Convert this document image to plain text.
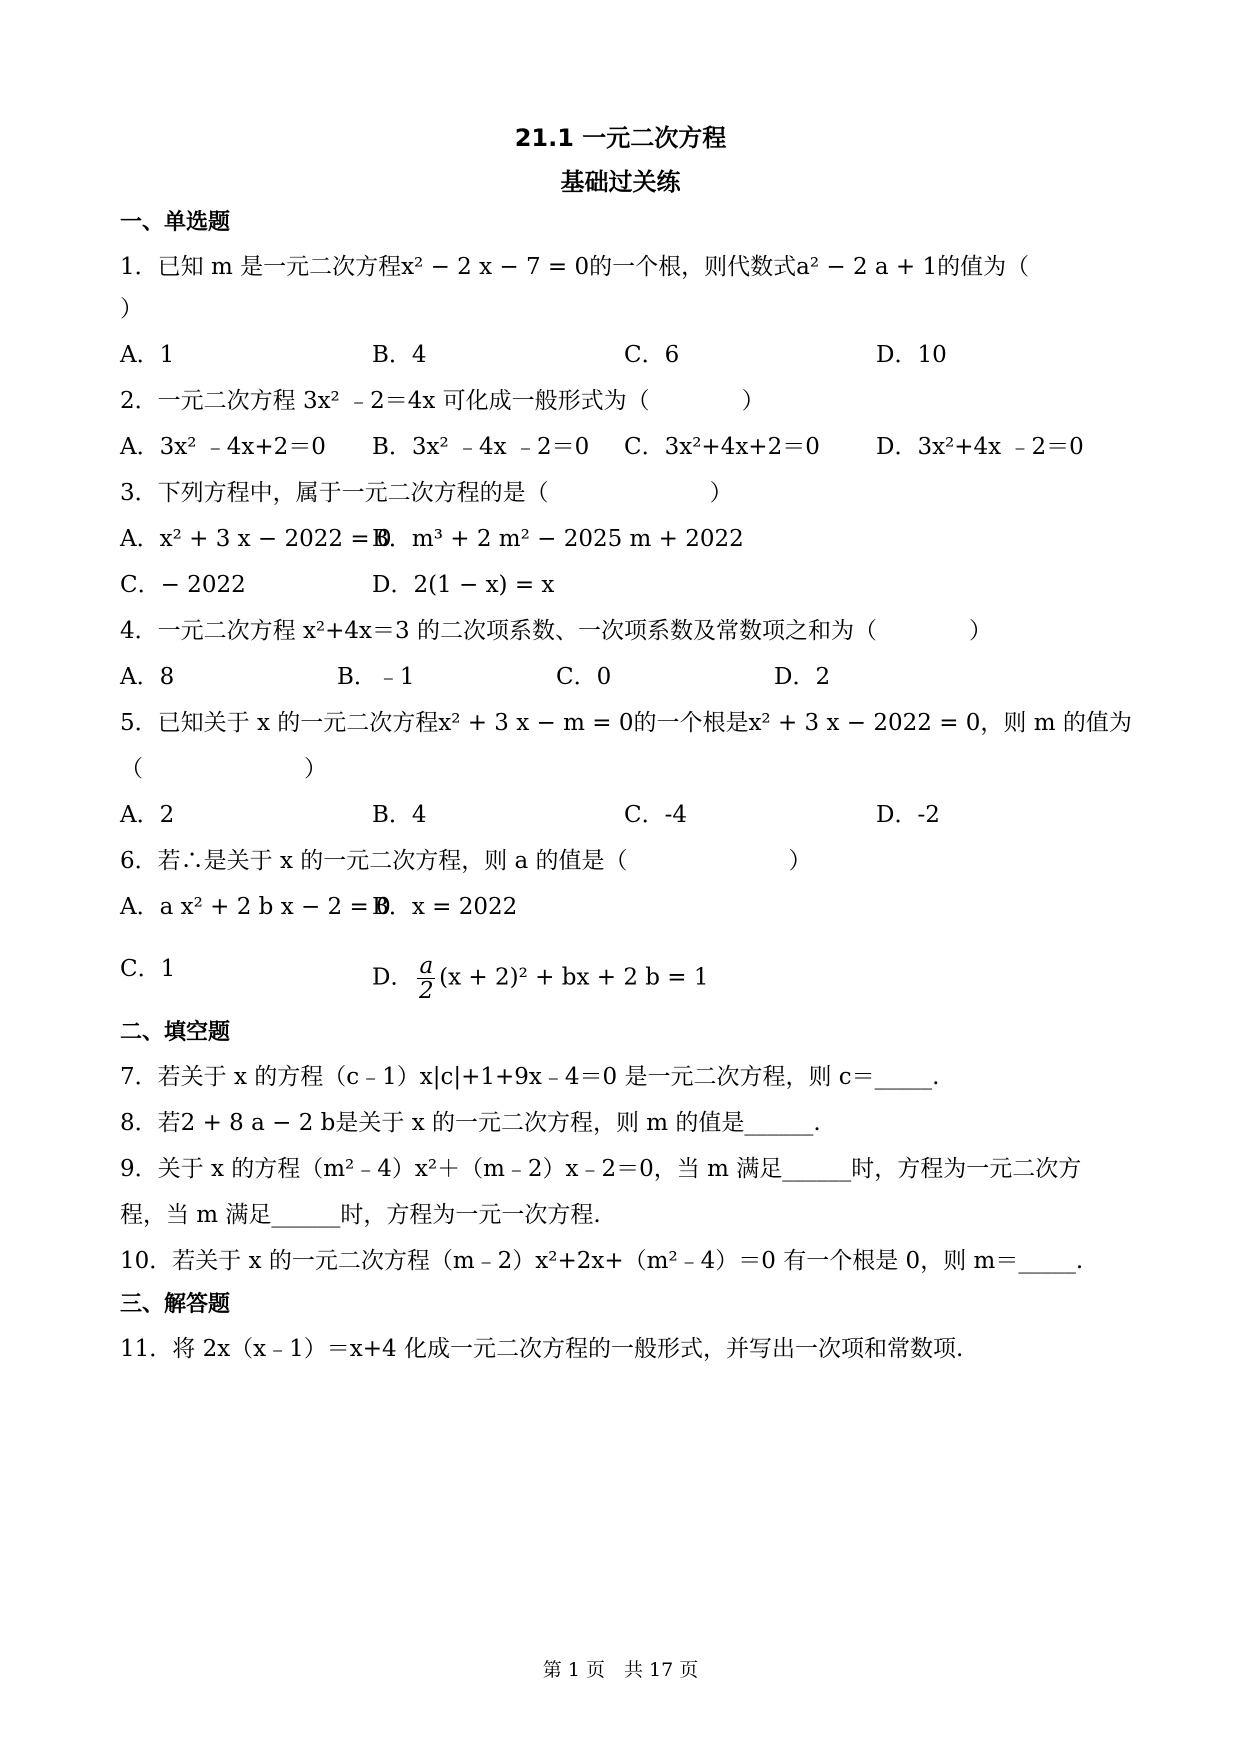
21.1 一元二次方程
基础过关练
一、单选题
1．已知 m 是一元二次方程x² − 2 x − 7 = 0的一个根，则代数式a² − 2 a + 1的值为（
）
A．1	B．4	C．6	D．10
2．一元二次方程 3x² ﹣2＝4x 可化成一般形式为（　　　　）
A．3x² ﹣4x+2＝0 B．3x² ﹣4x ﹣2＝0 C．3x²+4x+2＝0 D．3x²+4x ﹣2＝0
3．下列方程中，属于一元二次方程的是（　　　　　　　）
A．x² + 3 x − 2022 = 0
B．m³ + 2 m² − 2025 m + 2022
C．− 2022	D．2(1 − x) = x
4．一元二次方程 x²+4x＝3 的二次项系数、一次项系数及常数项之和为（　　　　）
A．8	B．﹣1	C．0	D．2
5．已知关于 x 的一元二次方程x² + 3 x − m = 0的一个根是x² + 3 x − 2022 = 0，则 m 的值为
（　　　　　　　）
A．2	B．4	C．-4	D．-2
6．若∴是关于 x 的一元二次方程，则 a 的值是（　　　　　　　）
A．a x² + 2 b x − 2 = 0
B．x = 2022
C．1	D． $\frac{a}{2} (x + 2)^2$ + bx + 2 b = 1
二、填空题
7．若关于 x 的方程（c﹣1）x|c|+1+9x﹣4＝0 是一元二次方程，则 c＝_____.
8．若2 + 8 a − 2 b是关于 x 的一元二次方程，则 m 的值是______.
9．关于 x 的方程（m²﹣4）x²＋（m﹣2）x﹣2＝0，当 m 满足______时，方程为一元二次方
程，当 m 满足______时，方程为一元一次方程.
10．若关于 x 的一元二次方程（m﹣2）x²+2x+（m²﹣4）＝0 有一个根是 0，则 m＝_____.
三、解答题
11．将 2x（x﹣1）＝x+4 化成一元二次方程的一般形式，并写出一次项和常数项.
第 1 页　共 17 页
